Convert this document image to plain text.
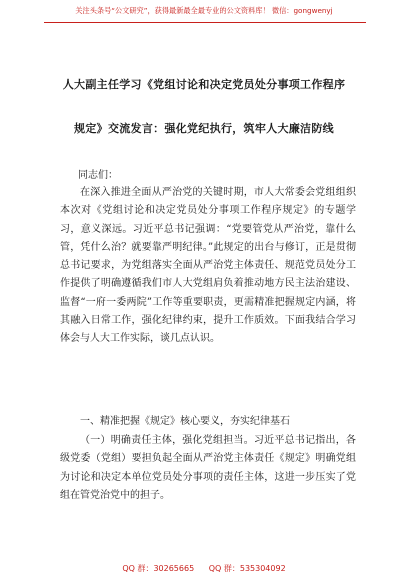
关注头条号“公文研究”，获得最新最全最专业的公文资料库！ 微信：gongwenyj
人大副主任学习《党组讨论和决定党员处分事项工作程序
规定》交流发言：强化党纪执行，筑牢人大廉洁防线

同志们：

在深入推进全面从严治党的关键时期，市人大常委会党组组织本次对《党组讨论和决定党员处分事项工作程序规定》的专题学习，意义深远。习近平总书记强调：“党要管党从严治党，靠什么管，凭什么治？就要靠严明纪律。”此规定的出台与修订，正是贯彻总书记要求，为党组落实全面从严治党主体责任、规范党员处分工作提供了明确遵循我们市人大党组肩负着推动地方民主法治建设、监督“一府一委两院”工作等重要职责，更需精准把握规定内涵，将其融入日常工作，强化纪律约束，提升工作质效。下面我结合学习体会与人大工作实际，谈几点认识。

一、精准把握《规定》核心要义，夯实纪律基石

（一）明确责任主体，强化党组担当。习近平总书记指出，各级党委（党组）要担负起全面从严治党主体责任《规定》明确党组为讨论和决定本单位党员处分事项的责任主体，这进一步压实了党组在管党治党中的担子。

QQ 群：30265665 QQ 群：535304092
